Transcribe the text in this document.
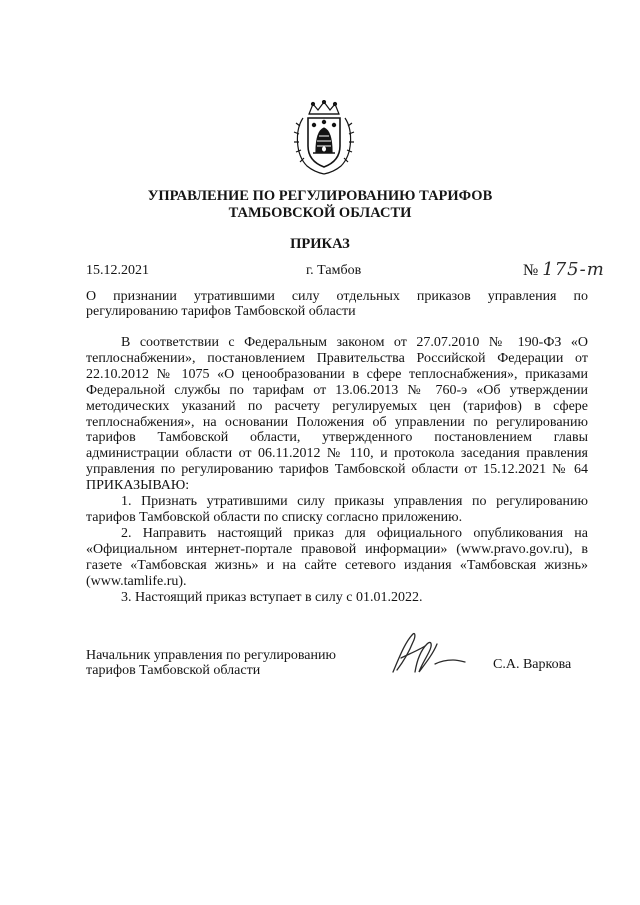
УПРАВЛЕНИЕ ПО РЕГУЛИРОВАНИЮ ТАРИФОВ
ТАМБОВСКОЙ ОБЛАСТИ
ПРИКАЗ
15.12.2021	г. Тамбов	№ 175-т
О признании утратившими силу отдельных приказов управления по регулированию тарифов Тамбовской области

В соответствии с Федеральным законом от 27.07.2010 № 190-ФЗ «О теплоснабжении», постановлением Правительства Российской Федерации от 22.10.2012 № 1075 «О ценообразовании в сфере теплоснабжения», приказами Федеральной службы по тарифам от 13.06.2013 № 760-э «Об утверждении методических указаний по расчету регулируемых цен (тарифов) в сфере теплоснабжения», на основании Положения об управлении по регулированию тарифов Тамбовской области, утвержденного постановлением главы администрации области от 06.11.2012 № 110, и протокола заседания правления управления по регулированию тарифов Тамбовской области от 15.12.2021 № 64 ПРИКАЗЫВАЮ:

1. Признать утратившими силу приказы управления по регулированию тарифов Тамбовской области по списку согласно приложению.

2. Направить настоящий приказ для официального опубликования на «Официальном интернет-портале правовой информации» (www.pravo.gov.ru), в газете «Тамбовская жизнь» и на сайте сетевого издания «Тамбовская жизнь» (www.tamlife.ru).

3. Настоящий приказ вступает в силу с 01.01.2022.

Начальник управления по регулированию
тарифов Тамбовской области	С.А. Варкова
